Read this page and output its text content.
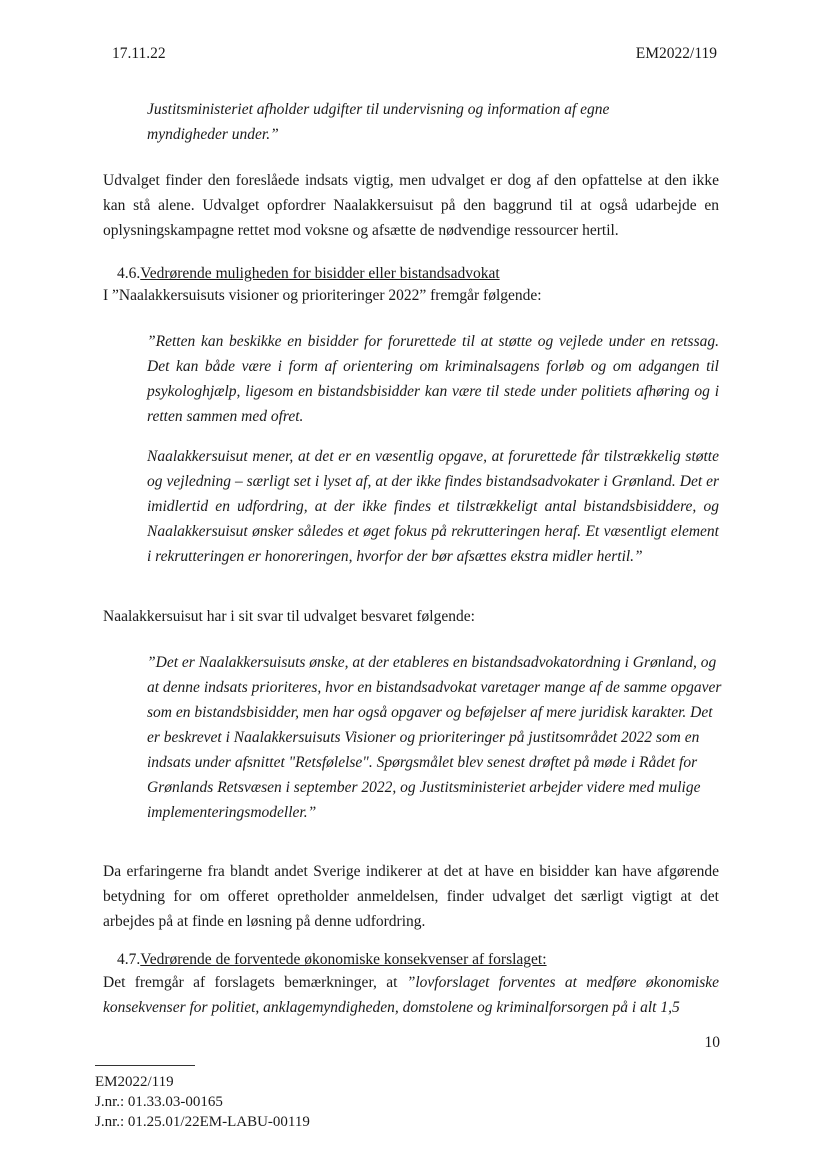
17.11.22	EM2022/119

Justitsministeriet afholder udgifter til undervisning og information af egne myndigheder under.”

Udvalget finder den foreslåede indsats vigtig, men udvalget er dog af den opfattelse at den ikke kan stå alene. Udvalget opfordrer Naalakkersuisut på den baggrund til at også udarbejde en oplysningskampagne rettet mod voksne og afsætte de nødvendige ressourcer hertil.

4.6.Vedrørende muligheden for bisidder eller bistandsadvokat

I ”Naalakkersuisuts visioner og prioriteringer 2022” fremgår følgende:

”Retten kan beskikke en bisidder for forurettede til at støtte og vejlede under en retssag. Det kan både være i form af orientering om kriminalsagens forløb og om adgangen til psykologhjælp, ligesom en bistandsbisidder kan være til stede under politiets afhøring og i retten sammen med ofret.

Naalakkersuisut mener, at det er en væsentlig opgave, at forurettede får tilstrækkelig støtte og vejledning – særligt set i lyset af, at der ikke findes bistandsadvokater i Grønland. Det er imidlertid en udfordring, at der ikke findes et tilstrækkeligt antal bistandsbisiddere, og Naalakkersuisut ønsker således et øget fokus på rekrutteringen heraf. Et væsentligt element i rekrutteringen er honoreringen, hvorfor der bør afsættes ekstra midler hertil.”

Naalakkersuisut har i sit svar til udvalget besvaret følgende:

”Det er Naalakkersuisuts ønske, at der etableres en bistandsadvokatordning i Grønland, og at denne indsats prioriteres, hvor en bistandsadvokat varetager mange af de samme opgaver som en bistandsbisidder, men har også opgaver og beføjelser af mere juridisk karakter. Det er beskrevet i Naalakkersuisuts Visioner og prioriteringer på justitsområdet 2022 som en indsats under afsnittet "Retsfølelse". Spørgsmålet blev senest drøftet på møde i Rådet for Grønlands Retsvæsen i september 2022, og Justitsministeriet arbejder videre med mulige implementeringsmodeller.”

Da erfaringerne fra blandt andet Sverige indikerer at det at have en bisidder kan have afgørende betydning for om offeret opretholder anmeldelsen, finder udvalget det særligt vigtigt at det arbejdes på at finde en løsning på denne udfordring.

4.7.Vedrørende de forventede økonomiske konsekvenser af forslaget:

Det fremgår af forslagets bemærkninger, at ”lovforslaget forventes at medføre økonomiske konsekvenser for politiet, anklagemyndigheden, domstolene og kriminalforsorgen på i alt 1,5

10
EM2022/119
J.nr.: 01.33.03-00165
J.nr.: 01.25.01/22EM-LABU-00119
